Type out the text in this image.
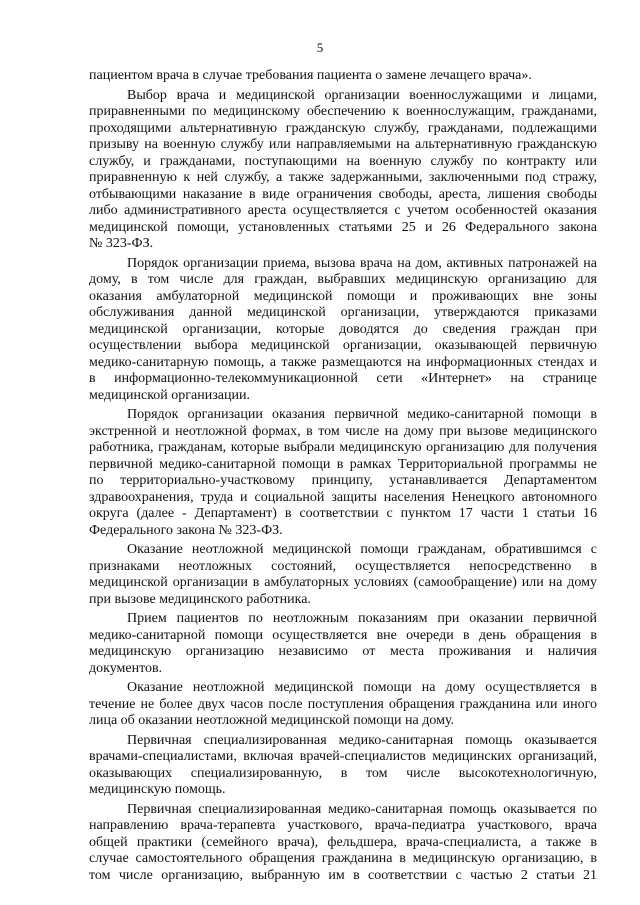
5
пациентом врача в случае требования пациента о замене лечащего врача».
Выбор врача и медицинской организации военнослужащими и лицами,
приравненными по медицинскому обеспечению к военнослужащим, гражданами,
проходящими альтернативную гражданскую службу, гражданами, подлежащими
призыву на военную службу или направляемыми на альтернативную гражданскую
службу, и гражданами, поступающими на военную службу по контракту или
приравненную к ней службу, а также задержанными, заключенными под стражу,
отбывающими наказание в виде ограничения свободы, ареста, лишения свободы
либо административного ареста осуществляется с учетом особенностей оказания
медицинской помощи, установленных статьями 25 и 26 Федерального закона
№ 323-ФЗ.
Порядок организации приема, вызова врача на дом, активных патронажей на
дому, в том числе для граждан, выбравших медицинскую организацию для
оказания амбулаторной медицинской помощи и проживающих вне зоны
обслуживания данной медицинской организации, утверждаются приказами
медицинской организации, которые доводятся до сведения граждан при
осуществлении выбора медицинской организации, оказывающей первичную
медико-санитарную помощь, а также размещаются на информационных стендах и
в информационно-телекоммуникационной сети «Интернет» на странице
медицинской организации.
Порядок организации оказания первичной медико-санитарной помощи в
экстренной и неотложной формах, в том числе на дому при вызове медицинского
работника, гражданам, которые выбрали медицинскую организацию для получения
первичной медико-санитарной помощи в рамках Территориальной программы не
по территориально-участковому принципу, устанавливается Департаментом
здравоохранения, труда и социальной защиты населения Ненецкого автономного
округа (далее - Департамент) в соответствии с пунктом 17 части 1 статьи 16
Федерального закона № 323-ФЗ.
Оказание неотложной медицинской помощи гражданам, обратившимся с
признаками неотложных состояний, осуществляется непосредственно в
медицинской организации в амбулаторных условиях (самообращение) или на дому
при вызове медицинского работника.
Прием пациентов по неотложным показаниям при оказании первичной
медико-санитарной помощи осуществляется вне очереди в день обращения в
медицинскую организацию независимо от места проживания и наличия
документов.
Оказание неотложной медицинской помощи на дому осуществляется в
течение не более двух часов после поступления обращения гражданина или иного
лица об оказании неотложной медицинской помощи на дому.
Первичная специализированная медико-санитарная помощь оказывается
врачами-специалистами, включая врачей-специалистов медицинских организаций,
оказывающих специализированную, в том числе высокотехнологичную,
медицинскую помощь.
Первичная специализированная медико-санитарная помощь оказывается по
направлению врача-терапевта участкового, врача-педиатра участкового, врача
общей практики (семейного врача), фельдшера, врача-специалиста, а также в
случае самостоятельного обращения гражданина в медицинскую организацию, в
том числе организацию, выбранную им в соответствии с частью 2 статьи 21
